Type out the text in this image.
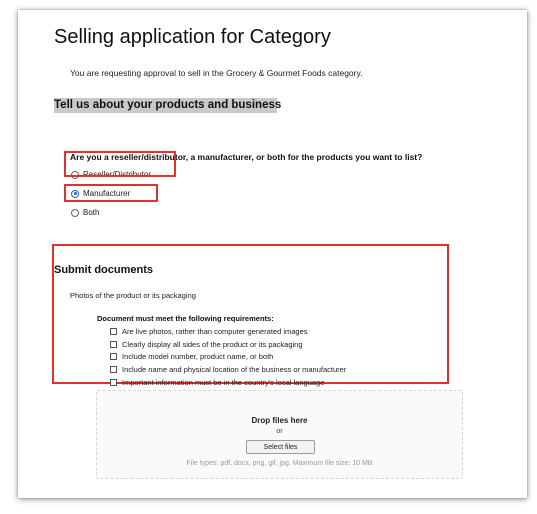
Selling application for Category
You are requesting approval to sell in the Grocery & Gourmet Foods category.
Tell us about your products and business
Are you a reseller/distributor, a manufacturer, or both for the products you want to list?
Reseller/Distributor
Manufacturer
Both
Submit documents
Photos of the product or its packaging
Document must meet the following requirements:
Are live photos, rather than computer generated images
Clearly display all sides of the product or its packaging
Include model number, product name, or both
Include name and physical location of the business or manufacturer
Important information must be in the country's local language
Drop files here
or
Select files
File types: pdf, docx, png, gif, jpg. Maximum file size: 10 MB
